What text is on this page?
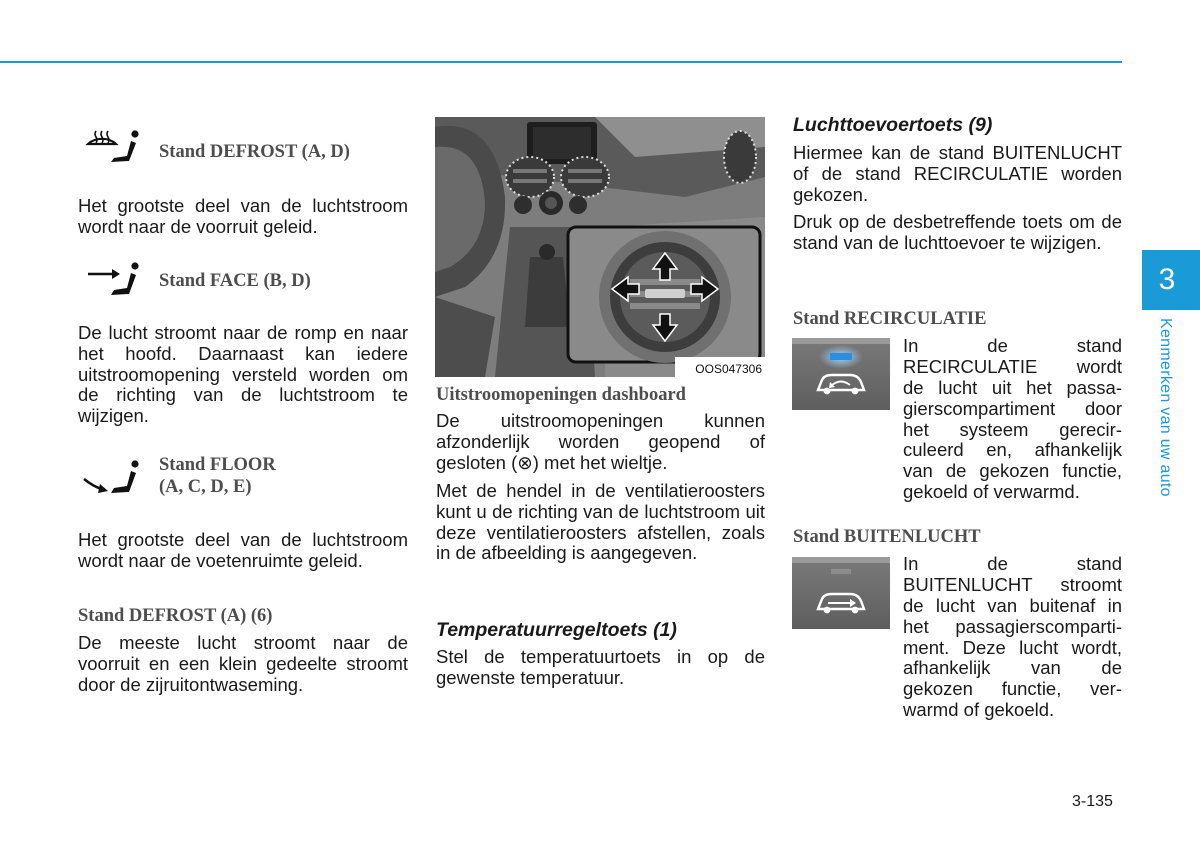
Stand DEFROST (A, D)

Het grootste deel van de luchtstroom wordt naar de voorruit geleid.

Stand FACE (B, D)

De lucht stroomt naar de romp en naar het hoofd. Daarnaast kan iedere uitstroomopening versteld worden om de richting van de luchtstroom te wijzigen.

Stand FLOOR

(A, C, D, E)

Het grootste deel van de luchtstroom wordt naar de voetenruimte geleid.

Stand DEFROST (A) (6)

De meeste lucht stroomt naar de voorruit en een klein gedeelte stroomt door de zijruitontwaseming.

OOS047306

Uitstroomopeningen dashboard

De uitstroomopeningen kunnen afzonderlijk worden geopend of gesloten (⊗) met het wieltje.

Met de hendel in de ventilatieroosters kunt u de richting van de luchtstroom uit deze ventilatieroosters afstellen, zoals in de afbeelding is aangegeven.

Temperatuurregeltoets (1)

Stel de temperatuurtoets in op de gewenste temperatuur.

Luchttoevoertoets (9)

Hiermee kan de stand BUITENLUCHT of de stand RECIRCULATIE worden gekozen.

Druk op de desbetreffende toets om de stand van de luchttoevoer te wijzigen.

Stand RECIRCULATIE

In de stand
RECIRCULATIE wordt
de lucht uit het passa-
gierscompartiment door
het systeem gerecir-
culeerd en, afhankelijk
van de gekozen functie,
gekoeld of verwarmd.

Stand BUITENLUCHT

In de stand
BUITENLUCHT stroomt
de lucht van buitenaf in
het passagierscomparti-
ment. Deze lucht wordt,
afhankelijk van de
gekozen functie, ver-
warmd of gekoeld.
3
Kenmerken van uw auto
3-135
